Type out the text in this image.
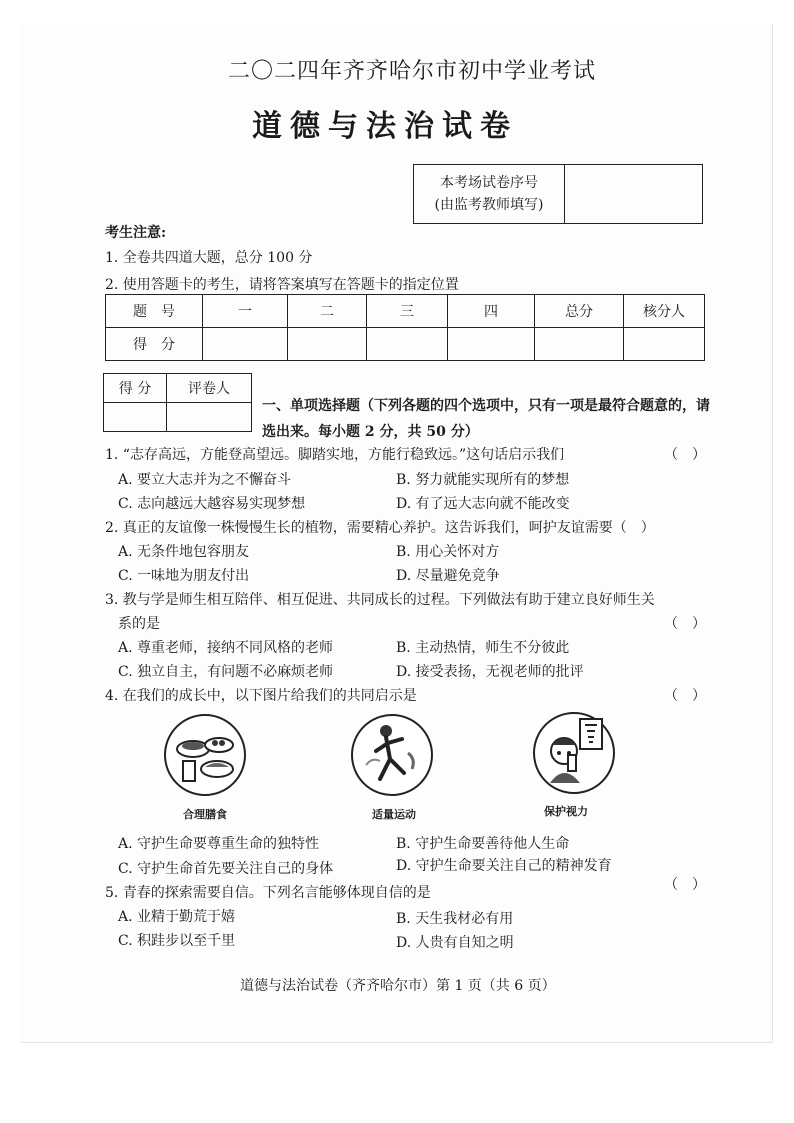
二〇二四年齐齐哈尔市初中学业考试
道德与法治试卷
本考场试卷序号
(由监考教师填写)

考生注意:
1. 全卷共四道大题，总分 100 分
2. 使用答题卡的考生，请将答案填写在答题卡的指定位置
题　号	一	二	三	四	总分	核分人
得　分						
得 分	评卷人

一、单项选择题（下列各题的四个选项中，只有一项是最符合题意的，请选出来。每小题 2 分，共 50 分）
1. “志存高远，方能登高望远。脚踏实地，方能行稳致远。”这句话启示我们	（　）
A. 要立大志并为之不懈奋斗	B. 努力就能实现所有的梦想
C. 志向越远大越容易实现梦想	D. 有了远大志向就不能改变
2. 真正的友谊像一株慢慢生长的植物，需要精心养护。这告诉我们，呵护友谊需要（　）
A. 无条件地包容朋友	B. 用心关怀对方
C. 一味地为朋友付出	D. 尽量避免竞争
3. 教与学是师生相互陪伴、相互促进、共同成长的过程。下列做法有助于建立良好师生关
系的是	（　）
A. 尊重老师，接纳不同风格的老师	B. 主动热情，师生不分彼此
C. 独立自主，有问题不必麻烦老师	D. 接受表扬，无视老师的批评
4. 在我们的成长中，以下图片给我们的共同启示是	（　）
合理膳食	适量运动	保护视力
A. 守护生命要尊重生命的独特性	B. 守护生命要善待他人生命
C. 守护生命首先要关注自己的身体	D. 守护生命要关注自己的精神发育
5. 青春的探索需要自信。下列名言能够体现自信的是	（　）
A. 业精于勤荒于嬉	B. 天生我材必有用
C. 积跬步以至千里	D. 人贵有自知之明
道德与法治试卷（齐齐哈尔市）第 1 页（共 6 页）
